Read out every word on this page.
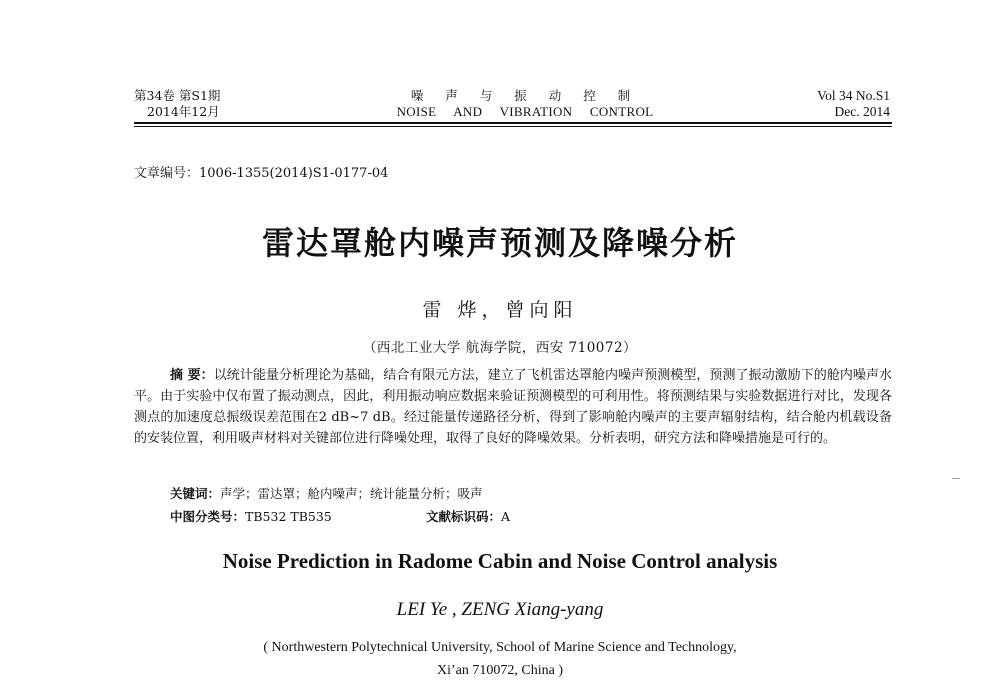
第34卷 第S1期
2014年12月
噪 声 与 振 动 控 制
NOISE AND VIBRATION CONTROL
Vol 34 No.S1
Dec. 2014
文章编号：1006-1355(2014)S1-0177-04
雷达罩舱内噪声预测及降噪分析
雷 烨，曾向阳
（西北工业大学 航海学院，西安 710072）
摘 要：以统计能量分析理论为基础，结合有限元方法，建立了飞机雷达罩舱内噪声预测模型，预测了振动激励下的舱内噪声水平。由于实验中仅布置了振动测点，因此，利用振动响应数据来验证预测模型的可利用性。将预测结果与实验数据进行对比，发现各测点的加速度总振级误差范围在2 dB~7 dB。经过能量传递路径分析，得到了影响舱内噪声的主要声辐射结构，结合舱内机载设备的安装位置，利用吸声材料对关键部位进行降噪处理，取得了良好的降噪效果。分析表明，研究方法和降噪措施是可行的。
关键词：声学；雷达罩；舱内噪声；统计能量分析；吸声
中图分类号：TB532 TB535	文献标识码：A
Noise Prediction in Radome Cabin and Noise Control analysis
LEI Ye , ZENG Xiang-yang
( Northwestern Polytechnical University, School of Marine Science and Technology,
Xi’an 710072, China )
